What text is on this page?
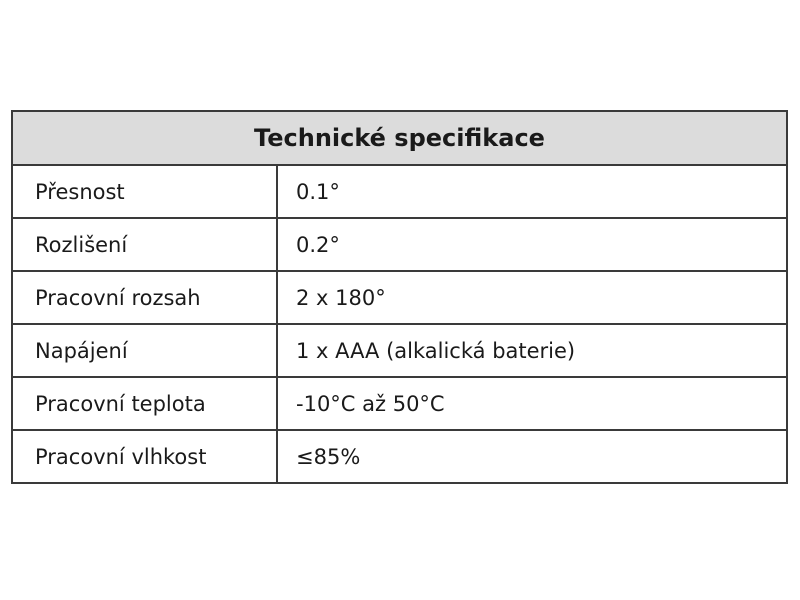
Technické specifikace	
Přesnost	0.1°
Rozlišení	0.2°
Pracovní rozsah	2 x 180°
Napájení	1 x AAA (alkalická baterie)
Pracovní teplota	-10°C až 50°C
Pracovní vlhkost	≤85%
